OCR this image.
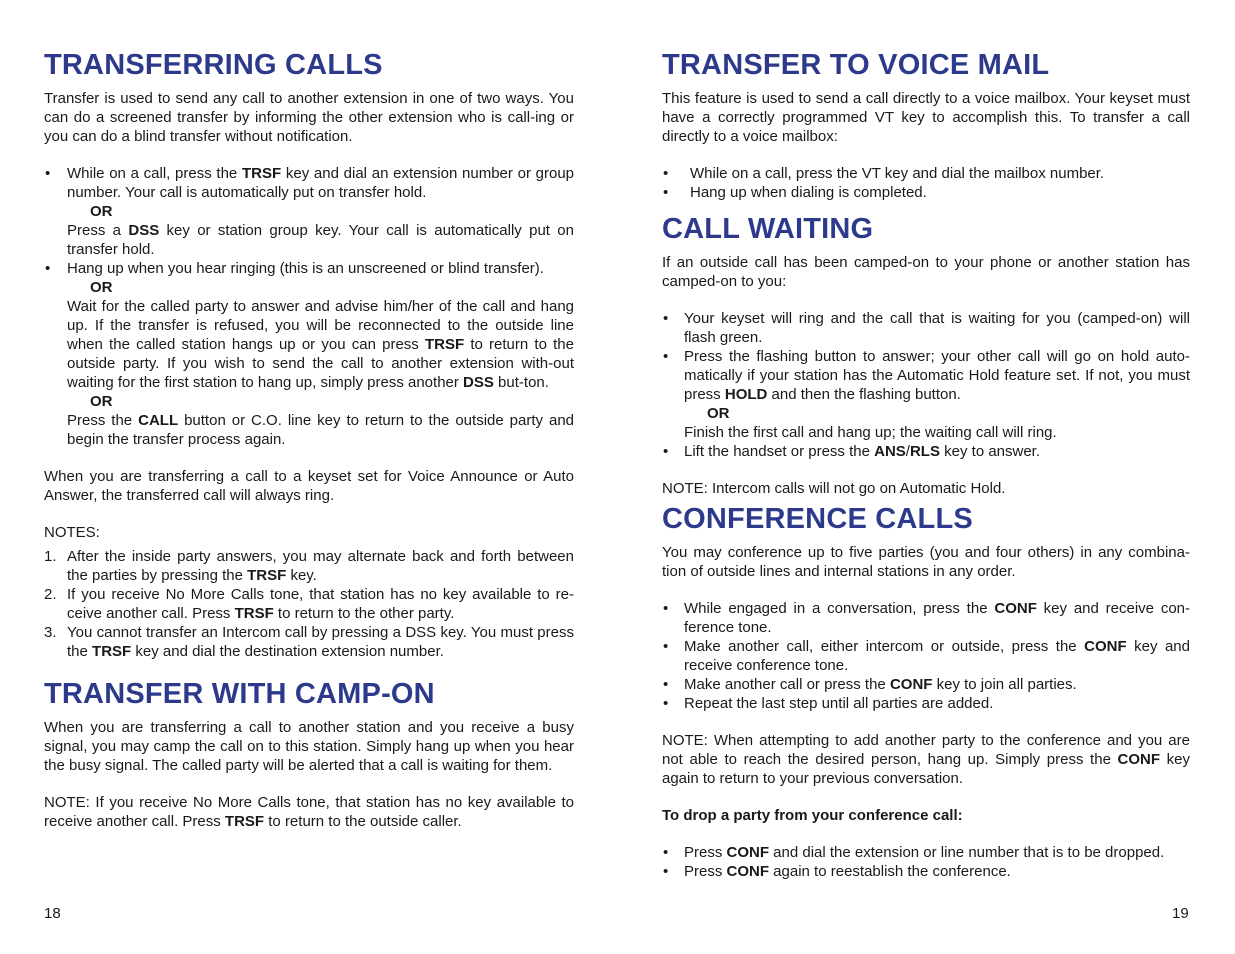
TRANSFERRING CALLS

Transfer is used to send any call to another extension in one of two ways. You can do a screened transfer by informing the other extension who is call-ing or you can do a blind transfer without notification.

• While on a call, press the TRSF key and dial an extension number or group number. Your call is automatically put on transfer hold.
OR
Press a DSS key or station group key. Your call is automatically put on transfer hold.
• Hang up when you hear ringing (this is an unscreened or blind transfer).
OR
Wait for the called party to answer and advise him/her of the call and hang up. If the transfer is refused, you will be reconnected to the outside line when the called station hangs up or you can press TRSF to return to the outside party. If you wish to send the call to another extension with-out waiting for the first station to hang up, simply press another DSS but-ton.
OR
Press the CALL button or C.O. line key to return to the outside party and begin the transfer process again.

When you are transferring a call to a keyset set for Voice Announce or Auto Answer, the transferred call will always ring.

NOTES:

1. After the inside party answers, you may alternate back and forth between the parties by pressing the TRSF key.
2. If you receive No More Calls tone, that station has no key available to re-ceive another call. Press TRSF to return to the other party.
3. You cannot transfer an Intercom call by pressing a DSS key. You must press the TRSF key and dial the destination extension number.
TRANSFER WITH CAMP-ON

When you are transferring a call to another station and you receive a busy signal, you may camp the call on to this station. Simply hang up when you hear the busy signal. The called party will be alerted that a call is waiting for them.

NOTE: If you receive No More Calls tone, that station has no key available to receive another call. Press TRSF to return to the outside caller.

18
TRANSFER TO VOICE MAIL

This feature is used to send a call directly to a voice mailbox. Your keyset must have a correctly programmed VT key to accomplish this. To transfer a call directly to a voice mailbox:

• While on a call, press the VT key and dial the mailbox number.
• Hang up when dialing is completed.
CALL WAITING

If an outside call has been camped-on to your phone or another station has camped-on to you:

• Your keyset will ring and the call that is waiting for you (camped-on) will flash green.
• Press the flashing button to answer; your other call will go on hold auto-matically if your station has the Automatic Hold feature set. If not, you must press HOLD and then the flashing button.
OR
Finish the first call and hang up; the waiting call will ring.
• Lift the handset or press the ANS/RLS key to answer.

NOTE: Intercom calls will not go on Automatic Hold.

CONFERENCE CALLS

You may conference up to five parties (you and four others) in any combina-tion of outside lines and internal stations in any order.

• While engaged in a conversation, press the CONF key and receive con-ference tone.
• Make another call, either intercom or outside, press the CONF key and receive conference tone.
• Make another call or press the CONF key to join all parties.
• Repeat the last step until all parties are added.

NOTE: When attempting to add another party to the conference and you are not able to reach the desired person, hang up. Simply press the CONF key again to return to your previous conversation.

To drop a party from your conference call:

• Press CONF and dial the extension or line number that is to be dropped.
• Press CONF again to reestablish the conference.
19
